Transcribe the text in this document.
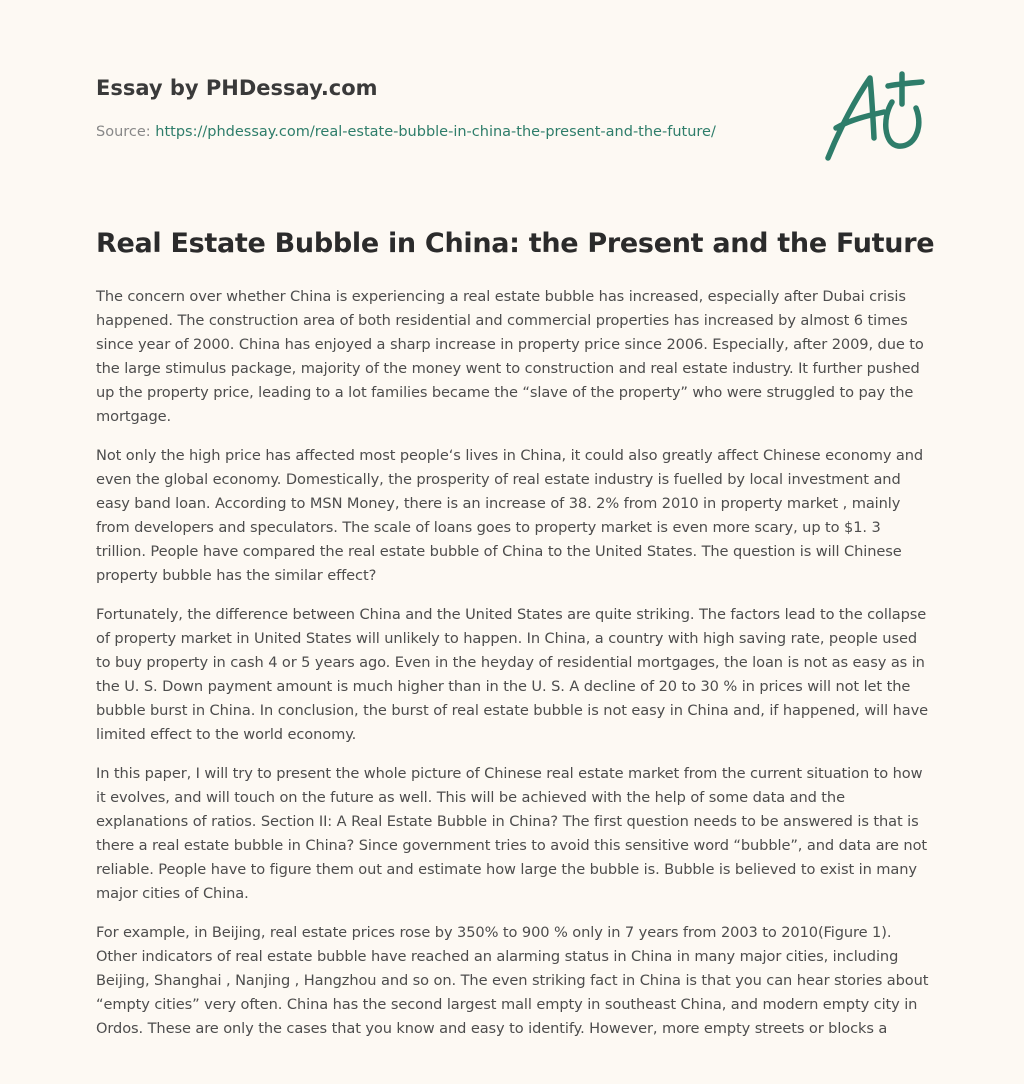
Essay by PHDessay.com
Source: https://phdessay.com/real-estate-bubble-in-china-the-present-and-the-future/
Real Estate Bubble in China: the Present and the Future

The concern over whether China is experiencing a real estate bubble has increased, especially after Dubai crisis happened. The construction area of both residential and commercial properties has increased by almost 6 times since year of 2000. China has enjoyed a sharp increase in property price since 2006. Especially, after 2009, due to the large stimulus package, majority of the money went to construction and real estate industry. It further pushed up the property price, leading to a lot families became the “slave of the property” who were struggled to pay the mortgage.

Not only the high price has affected most people‘s lives in China, it could also greatly affect Chinese economy and even the global economy. Domestically, the prosperity of real estate industry is fuelled by local investment and easy band loan. According to MSN Money, there is an increase of 38. 2% from 2010 in property market , mainly from developers and speculators. The scale of loans goes to property market is even more scary, up to $1. 3 trillion. People have compared the real estate bubble of China to the United States. The question is will Chinese property bubble has the similar effect?

Fortunately, the difference between China and the United States are quite striking. The factors lead to the collapse of property market in United States will unlikely to happen. In China, a country with high saving rate, people used to buy property in cash 4 or 5 years ago. Even in the heyday of residential mortgages, the loan is not as easy as in the U. S. Down payment amount is much higher than in the U. S. A decline of 20 to 30 % in prices will not let the bubble burst in China. In conclusion, the burst of real estate bubble is not easy in China and, if happened, will have limited effect to the world economy.

In this paper, I will try to present the whole picture of Chinese real estate market from the current situation to how it evolves, and will touch on the future as well. This will be achieved with the help of some data and the explanations of ratios. Section II: A Real Estate Bubble in China? The first question needs to be answered is that is there a real estate bubble in China? Since government tries to avoid this sensitive word “bubble”, and data are not reliable. People have to figure them out and estimate how large the bubble is. Bubble is believed to exist in many major cities of China.

For example, in Beijing, real estate prices rose by 350% to 900 % only in 7 years from 2003 to 2010(Figure 1). Other indicators of real estate bubble have reached an alarming status in China in many major cities, including Beijing, Shanghai , Nanjing , Hangzhou and so on. The even striking fact in China is that you can hear stories about “empty cities” very often. China has the second largest mall empty in southeast China, and modern empty city in Ordos. These are only the cases that you know and easy to identify. However, more empty streets or blocks a
